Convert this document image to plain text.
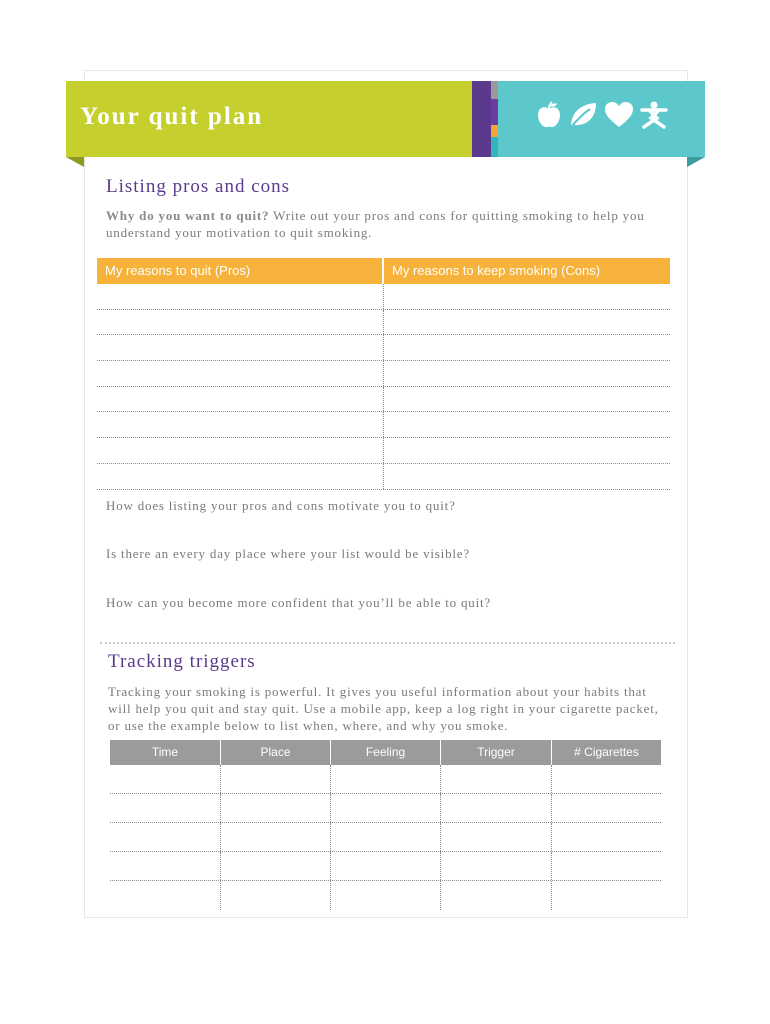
Your quit plan
Listing pros and cons
Why do you want to quit? Write out your pros and cons for quitting smoking to help you understand your motivation to quit smoking.
My reasons to quit (Pros)	My reasons to keep smoking (Cons)
How does listing your pros and cons motivate you to quit?
Is there an every day place where your list would be visible?
How can you become more confident that you’ll be able to quit?
Tracking triggers
Tracking your smoking is powerful. It gives you useful information about your habits that will help you quit and stay quit. Use a mobile app, keep a log right in your cigarette packet, or use the example below to list when, where, and why you smoke.
Time	Place	Feeling	Trigger	# Cigarettes
